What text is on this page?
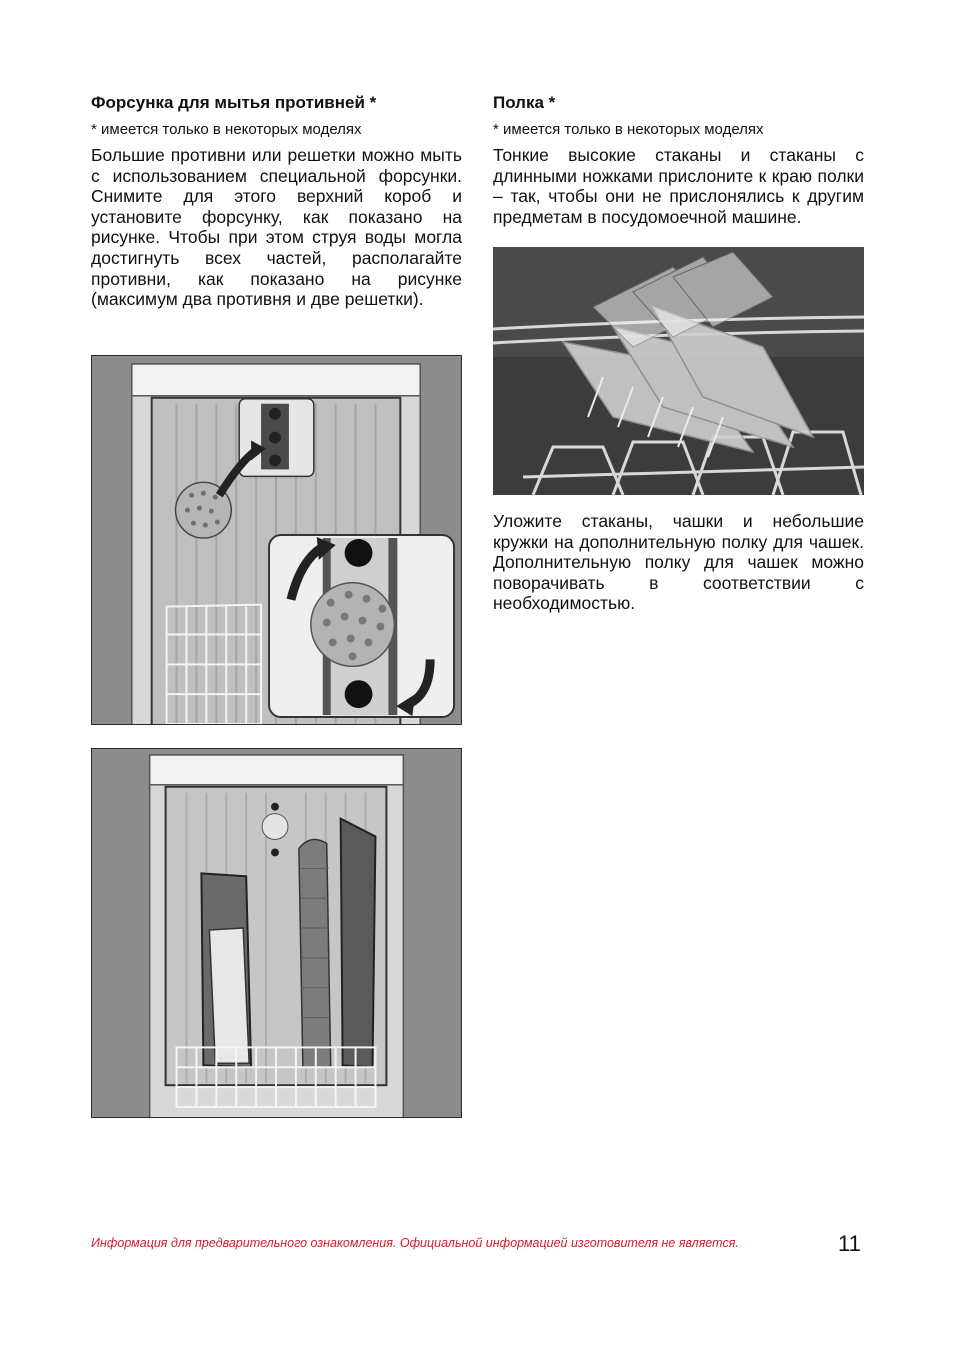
Форсунка для мытья противней *

* имеется только в некоторых моделях

Большие противни или решетки можно мыть с использованием специальной форсунки. Снимите для этого верхний короб и установите форсунку, как показано на рисунке. Чтобы при этом струя воды могла достигнуть всех частей, располагайте противни, как показано на рисунке (максимум два противня и две решетки).

Полка *

* имеется только в некоторых моделях

Тонкие высокие стаканы и стаканы с длинными ножками прислоните к краю полки – так, чтобы они не прислонялись к другим предметам в посудомоечной машине.

Уложите стаканы, чашки и небольшие кружки на дополнительную полку для чашек. Дополнительную полку для чашек можно поворачивать в соответствии с необходимостью.

Информация для предварительного ознакомления. Официальной информацией изготовителя не является.	11
